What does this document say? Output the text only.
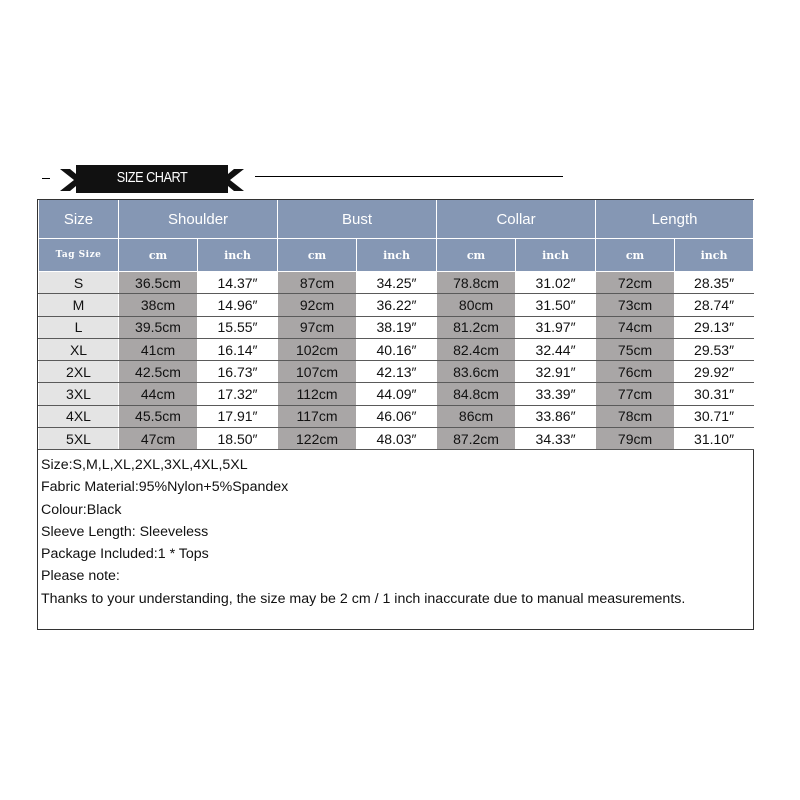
SIZE CHART
Size	Shoulder		Bust		Collar		Length	
Tag Size	cm	inch	cm	inch	cm	inch	cm	inch
S	36.5cm	14.37″	87cm	34.25″	78.8cm	31.02″	72cm	28.35″
M	38cm	14.96″	92cm	36.22″	80cm	31.50″	73cm	28.74″
L	39.5cm	15.55″	97cm	38.19″	81.2cm	31.97″	74cm	29.13″
XL	41cm	16.14″	102cm	40.16″	82.4cm	32.44″	75cm	29.53″
2XL	42.5cm	16.73″	107cm	42.13″	83.6cm	32.91″	76cm	29.92″
3XL	44cm	17.32″	112cm	44.09″	84.8cm	33.39″	77cm	30.31″
4XL	45.5cm	17.91″	117cm	46.06″	86cm	33.86″	78cm	30.71″
5XL	47cm	18.50″	122cm	48.03″	87.2cm	34.33″	79cm	31.10″
Size:S,M,L,XL,2XL,3XL,4XL,5XL
Fabric Material:95%Nylon+5%Spandex
Colour:Black
Sleeve Length: Sleeveless
Package Included:1 * Tops
Please note:
Thanks to your understanding, the size may be 2 cm / 1 inch inaccurate due to manual measurements.
